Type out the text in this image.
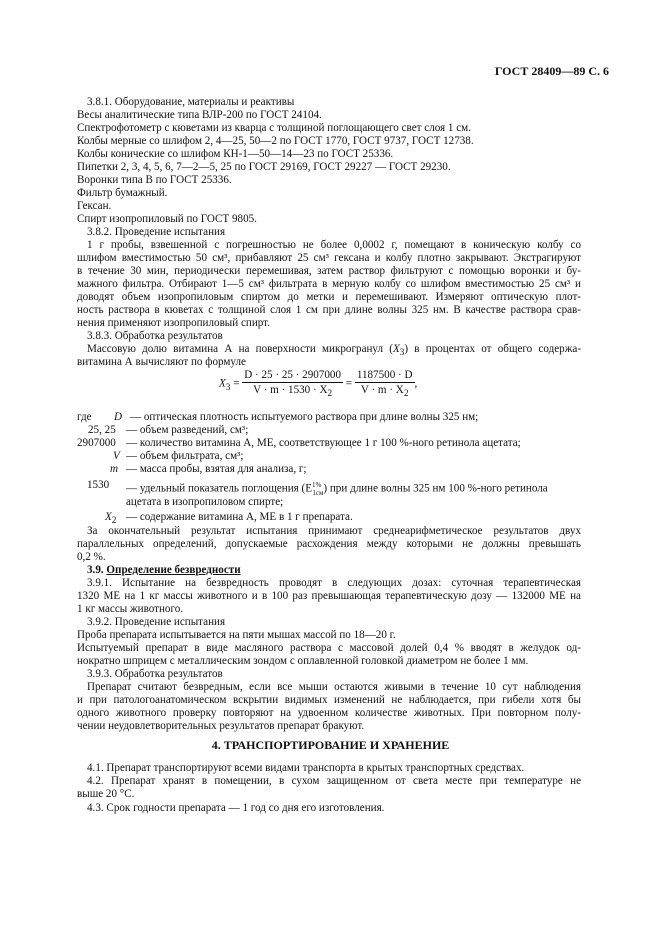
ГОСТ 28409—89 С. 6
3.8.1. Оборудование, материалы и реактивы
Весы аналитические типа ВЛР-200 по ГОСТ 24104.
Спектрофотометр с кюветами из кварца с толщиной поглощающего свет слоя 1 см.
Колбы мерные со шлифом 2, 4—25, 50—2 по ГОСТ 1770, ГОСТ 9737, ГОСТ 12738.
Колбы конические со шлифом КН-1—50—14—23 по ГОСТ 25336.
Пипетки 2, 3, 4, 5, 6, 7—2—5, 25 по ГОСТ 29169, ГОСТ 29227 — ГОСТ 29230.
Воронки типа В по ГОСТ 25336.
Фильтр бумажный.
Гексан.
Спирт изопропиловый по ГОСТ 9805.
3.8.2. Проведение испытания
1 г пробы, взвешенной с погрешностью не более 0,0002 г, помещают в коническую колбу со
шлифом вместимостью 50 см³, прибавляют 25 см³ гексана и колбу плотно закрывают. Экстрагируют
в течение 30 мин, периодически перемешивая, затем раствор фильтруют с помощью воронки и бу-
мажного фильтра. Отбирают 1—5 см³ фильтрата в мерную колбу со шлифом вместимостью 25 см³ и
доводят объем изопропиловым спиртом до метки и перемешивают. Измеряют оптическую плот-
ность раствора в кюветах с толщиной слоя 1 см при длине волны 325 нм. В качестве раствора срав-
нения применяют изопропиловый спирт.
3.8.3. Обработка результатов
Массовую долю витамина А на поверхности микрогранул $(X_3)$ в процентах от общего содержа-
витамина А вычисляют по формуле
$X_3 = \frac{D \cdot 25 \cdot 25 \cdot 2907000}{V \cdot m \cdot 1530 \cdot X_2} = \frac{1187500 \cdot D}{V \cdot m \cdot X_2}$ ,
где D — оптическая плотность испытуемого раствора при длине волны 325 нм;
25, 25 — объем разведений, см³;
2907000 — количество витамина А, МЕ, соответствующее 1 г 100 %-ного ретинола ацетата;
V — объем фильтрата, см³;
m — масса пробы, взятая для анализа, г;
1530 — удельный показатель поглощения $(E^{1\%}_{1см})$ при длине волны 325 нм 100 %-ного ретинола
ацетата в изопропиловом спирте;
$X_2$ — содержание витамина А, МЕ в 1 г препарата.
За окончательный результат испытания принимают среднеарифметическое результатов двух
параллельных определений, допускаемые расхождения между которыми не должны превышать
0,2 %.
3.9. Определение безвредности
3.9.1. Испытание на безвредность проводят в следующих дозах: суточная терапевтическая
1320 МЕ на 1 кг массы животного и в 100 раз превышающая терапевтическую дозу — 132000 МЕ на
1 кг массы животного.
3.9.2. Проведение испытания
Проба препарата испытывается на пяти мышах массой по 18—20 г.
Испытуемый препарат в виде масляного раствора с массовой долей 0,4 % вводят в желудок од-
нократно шприцем с металлическим зондом с оплавленной головкой диаметром не более 1 мм.
3.9.3. Обработка результатов
Препарат считают безвредным, если все мыши остаются живыми в течение 10 сут наблюдения
и при патологоанатомическом вскрытии видимых изменений не наблюдается, при гибели хотя бы
одного животного проверку повторяют на удвоенном количестве животных. При повторном полу-
чении неудовлетворительных результатов препарат бракуют.
4. ТРАНСПОРТИРОВАНИЕ И ХРАНЕНИЕ
4.1. Препарат транспортируют всеми видами транспорта в крытых транспортных средствах.
4.2. Препарат хранят в помещении, в сухом защищенном от света месте при температуре не
выше 20 °С.
4.3. Срок годности препарата — 1 год со дня его изготовления.
